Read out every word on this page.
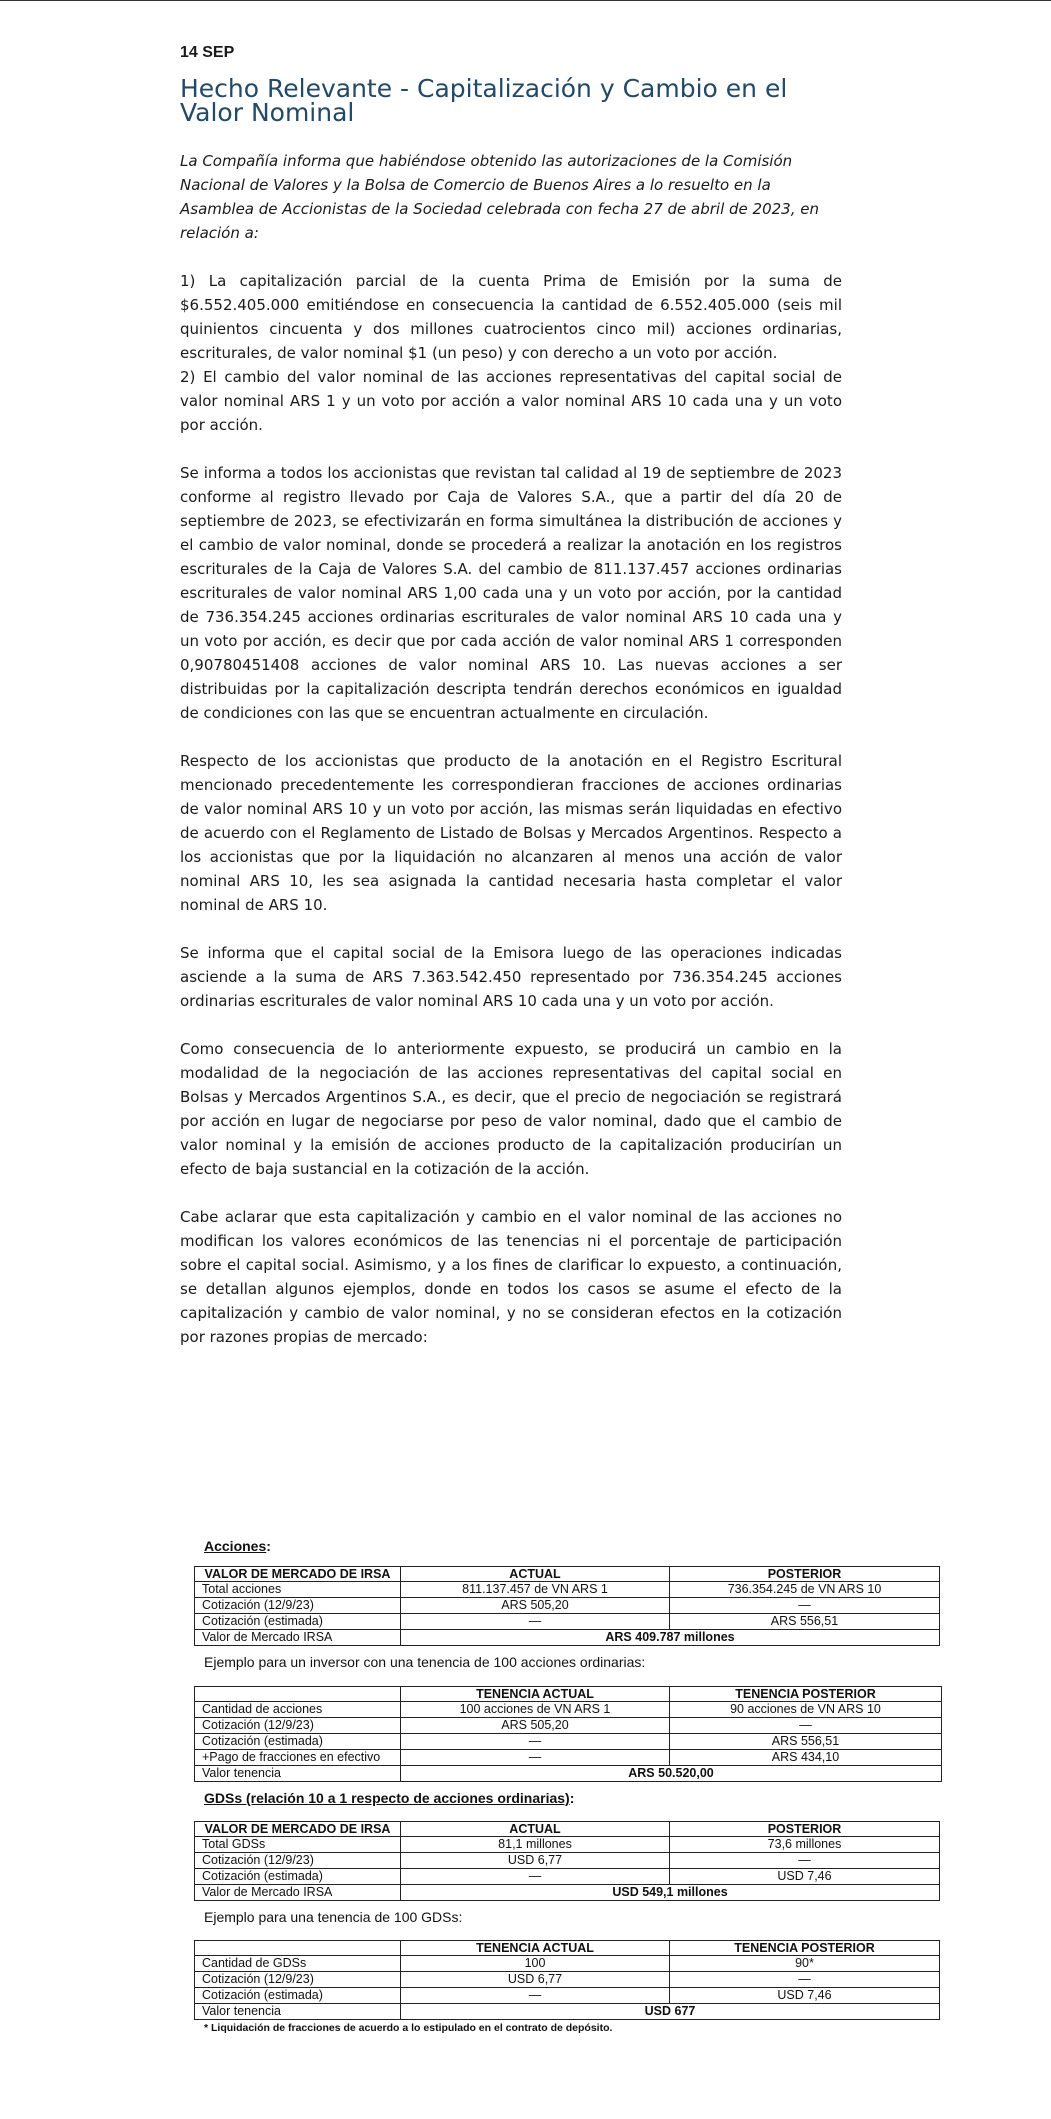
14 SEP

Hecho Relevante - Capitalización y Cambio en el Valor Nominal

La Compañía informa que habiéndose obtenido las autorizaciones de la Comisión Nacional de Valores y la Bolsa de Comercio de Buenos Aires a lo resuelto en la Asamblea de Accionistas de la Sociedad celebrada con fecha 27 de abril de 2023, en relación a:

1) La capitalización parcial de la cuenta Prima de Emisión por la suma de $6.552.405.000 emitiéndose en consecuencia la cantidad de 6.552.405.000 (seis mil quinientos cincuenta y dos millones cuatrocientos cinco mil) acciones ordinarias, escriturales, de valor nominal $1 (un peso) y con derecho a un voto por acción.

2) El cambio del valor nominal de las acciones representativas del capital social de valor nominal ARS 1 y un voto por acción a valor nominal ARS 10 cada una y un voto por acción.

Se informa a todos los accionistas que revistan tal calidad al 19 de septiembre de 2023 conforme al registro llevado por Caja de Valores S.A., que a partir del día 20 de septiembre de 2023, se efectivizarán en forma simultánea la distribución de acciones y el cambio de valor nominal, donde se procederá a realizar la anotación en los registros escriturales de la Caja de Valores S.A. del cambio de 811.137.457 acciones ordinarias escriturales de valor nominal ARS 1,00 cada una y un voto por acción, por la cantidad de 736.354.245 acciones ordinarias escriturales de valor nominal ARS 10 cada una y un voto por acción, es decir que por cada acción de valor nominal ARS 1 corresponden 0,90780451408 acciones de valor nominal ARS 10. Las nuevas acciones a ser distribuidas por la capitalización descripta tendrán derechos económicos en igualdad de condiciones con las que se encuentran actualmente en circulación.

Respecto de los accionistas que producto de la anotación en el Registro Escritural mencionado precedentemente les correspondieran fracciones de acciones ordinarias de valor nominal ARS 10 y un voto por acción, las mismas serán liquidadas en efectivo de acuerdo con el Reglamento de Listado de Bolsas y Mercados Argentinos. Respecto a los accionistas que por la liquidación no alcanzaren al menos una acción de valor nominal ARS 10, les sea asignada la cantidad necesaria hasta completar el valor nominal de ARS 10.

Se informa que el capital social de la Emisora luego de las operaciones indicadas asciende a la suma de ARS 7.363.542.450 representado por 736.354.245 acciones ordinarias escriturales de valor nominal ARS 10 cada una y un voto por acción.

Como consecuencia de lo anteriormente expuesto, se producirá un cambio en la modalidad de la negociación de las acciones representativas del capital social en Bolsas y Mercados Argentinos S.A., es decir, que el precio de negociación se registrará por acción en lugar de negociarse por peso de valor nominal, dado que el cambio de valor nominal y la emisión de acciones producto de la capitalización producirían un efecto de baja sustancial en la cotización de la acción.

Cabe aclarar que esta capitalización y cambio en el valor nominal de las acciones no modifican los valores económicos de las tenencias ni el porcentaje de participación sobre el capital social. Asimismo, y a los fines de clarificar lo expuesto, a continuación, se detallan algunos ejemplos, donde en todos los casos se asume el efecto de la capitalización y cambio de valor nominal, y no se consideran efectos en la cotización por razones propias de mercado:

Acciones:

VALOR DE MERCADO DE IRSA	ACTUAL	POSTERIOR
Total acciones	811.137.457 de VN ARS 1	736.354.245 de VN ARS 10
Cotización (12/9/23)	ARS 505,20	—
Cotización (estimada)	—	ARS 556,51
Valor de Mercado IRSA	ARS 409.787 millones	

Ejemplo para un inversor con una tenencia de 100 acciones ordinarias:

	TENENCIA ACTUAL	TENENCIA POSTERIOR
Cantidad de acciones	100 acciones de VN ARS 1	90 acciones de VN ARS 10
Cotización (12/9/23)	ARS 505,20	—
Cotización (estimada)	—	ARS 556,51
+Pago de fracciones en efectivo	—	ARS 434,10
Valor tenencia	ARS 50.520,00	

GDSs (relación 10 a 1 respecto de acciones ordinarias):

VALOR DE MERCADO DE IRSA	ACTUAL	POSTERIOR
Total GDSs	81,1 millones	73,6 millones
Cotización (12/9/23)	USD 6,77	—
Cotización (estimada)	—	USD 7,46
Valor de Mercado IRSA	USD 549,1 millones	

Ejemplo para una tenencia de 100 GDSs:

	TENENCIA ACTUAL	TENENCIA POSTERIOR
Cantidad de GDSs	100	90*
Cotización (12/9/23)	USD 6,77	—
Cotización (estimada)	—	USD 7,46
Valor tenencia	USD 677	

* Liquidación de fracciones de acuerdo a lo estipulado en el contrato de depósito.
